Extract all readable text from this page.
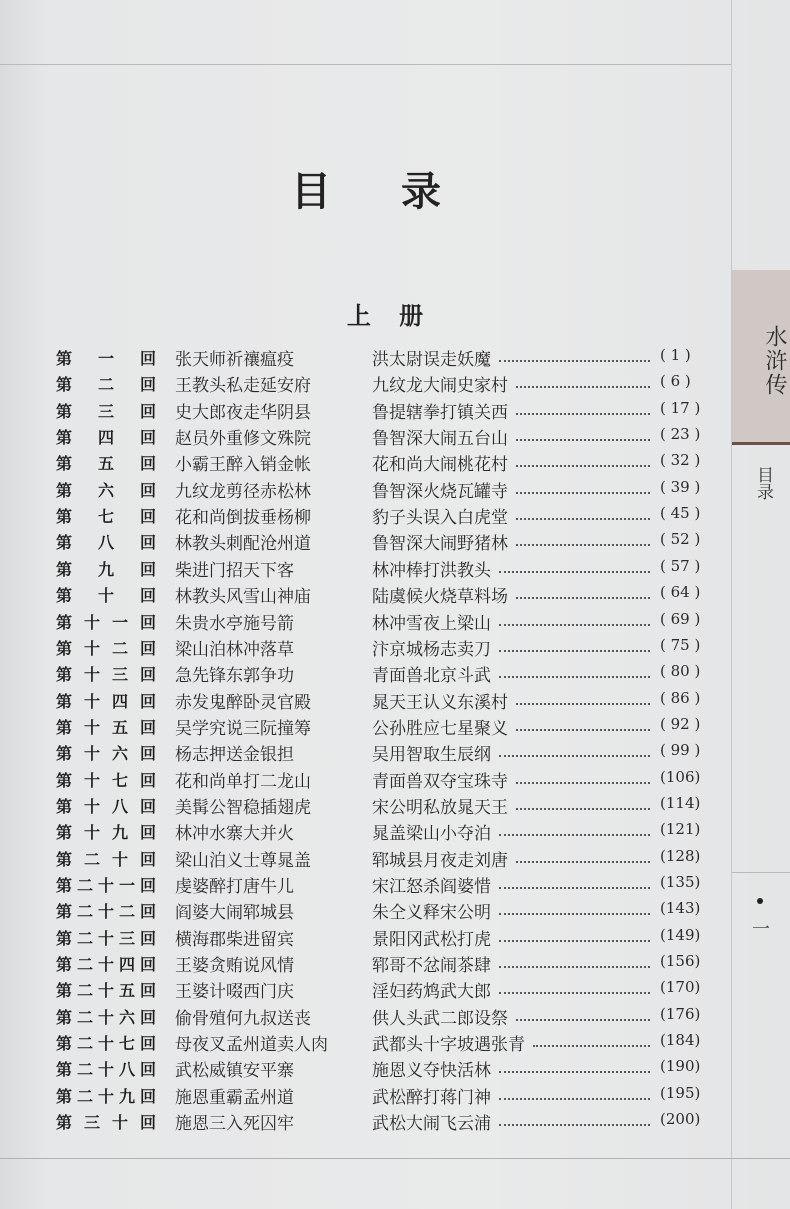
目 录
上 册
第 一 回 张天师祈禳瘟疫	洪太尉误走妖魔	( 1 )
第 二 回 王教头私走延安府	九纹龙大闹史家村	( 6 )
第 三 回 史大郎夜走华阴县	鲁提辖拳打镇关西	( 17 )
第 四 回 赵员外重修文殊院	鲁智深大闹五台山	( 23 )
第 五 回 小霸王醉入销金帐	花和尚大闹桃花村	( 32 )
第 六 回 九纹龙剪径赤松林	鲁智深火烧瓦罐寺	( 39 )
第 七 回 花和尚倒拔垂杨柳	豹子头误入白虎堂	( 45 )
第 八 回 林教头刺配沧州道	鲁智深大闹野猪林	( 52 )
第 九 回 柴进门招天下客	林冲棒打洪教头	( 57 )
第 十 回 林教头风雪山神庙	陆虞候火烧草料场	( 64 )
第 十 一 回 朱贵水亭施号箭	林冲雪夜上梁山	( 69 )
第 十 二 回 梁山泊林冲落草	汴京城杨志卖刀	( 75 )
第 十 三 回 急先锋东郭争功	青面兽北京斗武	( 80 )
第 十 四 回 赤发鬼醉卧灵官殿	晁天王认义东溪村	( 86 )
第 十 五 回 吴学究说三阮撞筹	公孙胜应七星聚义	( 92 )
第 十 六 回 杨志押送金银担	吴用智取生辰纲	( 99 )
第 十 七 回 花和尚单打二龙山	青面兽双夺宝珠寺	(106)
第 十 八 回 美髯公智稳插翅虎	宋公明私放晁天王	(114)
第 十 九 回 林冲水寨大并火	晁盖梁山小夺泊	(121)
第 二 十 回 梁山泊义士尊晁盖	郓城县月夜走刘唐	(128)
第 二 十 一 回 虔婆醉打唐牛儿	宋江怒杀阎婆惜	(135)
第 二 十 二 回 阎婆大闹郓城县	朱仝义释宋公明	(143)
第 二 十 三 回 横海郡柴进留宾	景阳冈武松打虎	(149)
第 二 十 四 回 王婆贪贿说风情	郓哥不忿闹茶肆	(156)
第 二 十 五 回 王婆计啜西门庆	淫妇药鸩武大郎	(170)
第 二 十 六 回 偷骨殖何九叔送丧	供人头武二郎设祭	(176)
第 二 十 七 回 母夜叉孟州道卖人肉	武都头十字坡遇张青	(184)
第 二 十 八 回 武松威镇安平寨	施恩义夺快活林	(190)
第 二 十 九 回 施恩重霸孟州道	武松醉打蒋门神	(195)
第 三 十 回 施恩三入死囚牢	武松大闹飞云浦	(200)
水浒传
目录
一
